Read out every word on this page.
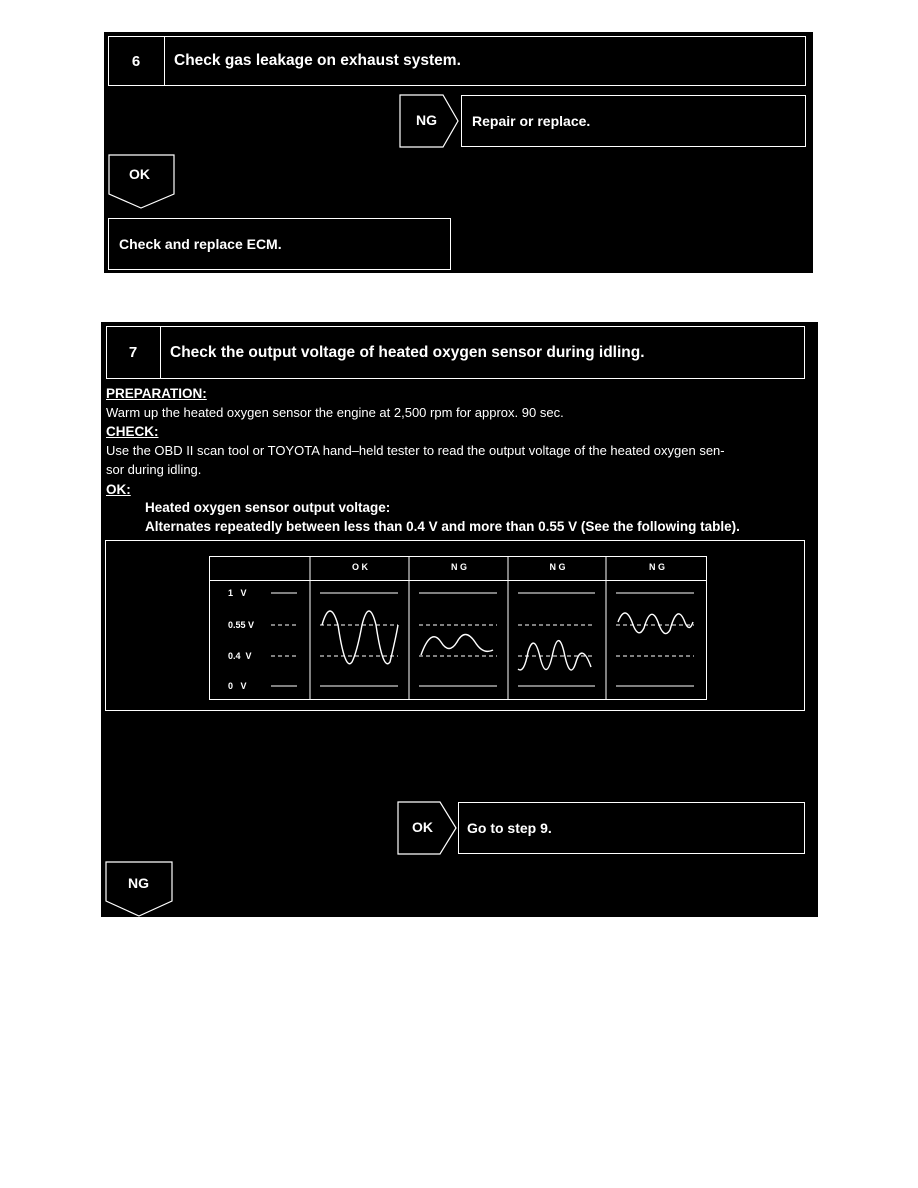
6	Check gas leakage on exhaust system.
Repair or replace.
NG
OK
Check and replace ECM.
7	Check the output voltage of heated oxygen sensor during idling.
PREPARATION:
Warm up the heated oxygen sensor the engine at 2,500 rpm for approx. 90 sec.
CHECK:
Use the OBD II scan tool or TOYOTA hand–held tester to read the output voltage of the heated oxygen sen-
sor during idling.
OK:
Heated oxygen sensor output voltage:
Alternates repeatedly between less than 0.4 V and more than 0.55 V (See the following table).
O K	N G	N G	N G
1   V
0.55 V
0.4  V
0   V
OK	Go to step 9.
NG
